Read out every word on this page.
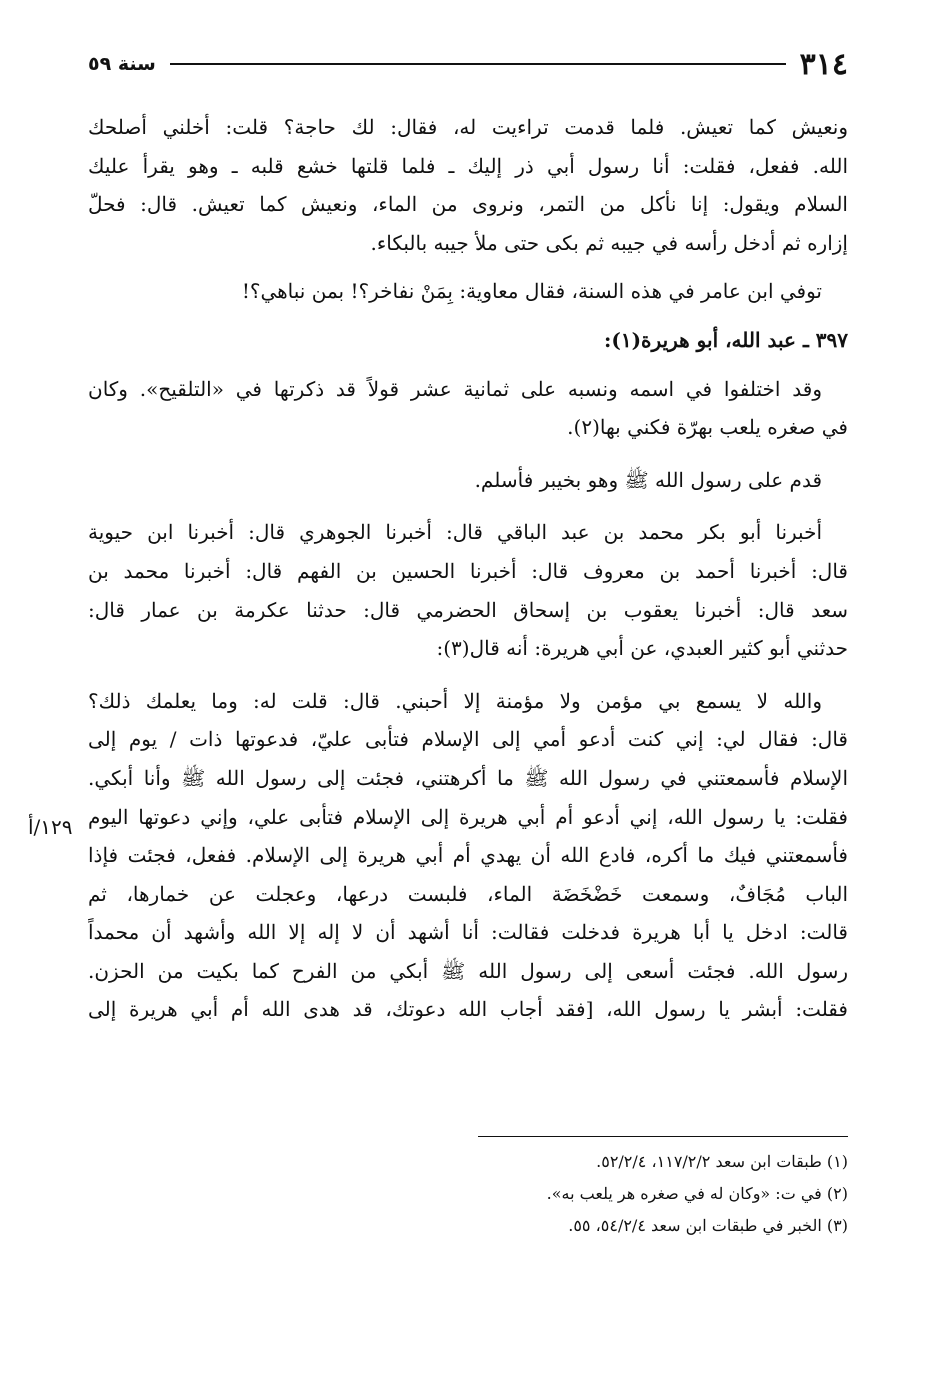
٣١٤
سنة ٥٩

ونعيش كما تعيش. فلما قدمت تراءيت له، فقال: لك حاجة؟ قلت: أخلني أصلحك
الله. ففعل، فقلت: أنا رسول أبي ذر إليك ـ فلما قلتها خشع قلبه ـ وهو يقرأ عليك
السلام ويقول: إنا نأكل من التمر، ونروى من الماء، ونعيش كما تعيش. قال: فحلّ
إزاره ثم أدخل رأسه في جيبه ثم بكى حتى ملأ جيبه بالبكاء.

توفي ابن عامر في هذه السنة، فقال معاوية: بِمَنْ نفاخر؟! بمن نباهي؟!

٣٩٧ ـ عبد الله، أبو هريرة(١):

وقد اختلفوا في اسمه ونسبه على ثمانية عشر قولاً قد ذكرتها في «التلقيح». وكان
في صغره يلعب بهرّة فكني بها(٢).

قدم على رسول الله ﷺ وهو بخيبر فأسلم.

أخبرنا أبو بكر محمد بن عبد الباقي قال: أخبرنا الجوهري قال: أخبرنا ابن حيوية
قال: أخبرنا أحمد بن معروف قال: أخبرنا الحسين بن الفهم قال: أخبرنا محمد بن
سعد قال: أخبرنا يعقوب بن إسحاق الحضرمي قال: حدثنا عكرمة بن عمار قال:
حدثني أبو كثير العبدي، عن أبي هريرة: أنه قال(٣):

والله لا يسمع بي مؤمن ولا مؤمنة إلا أحبني. قال: قلت له: وما يعلمك ذلك؟
قال: فقال لي: إني كنت أدعو أمي إلى الإسلام فتأبى عليّ، فدعوتها ذات / يوم إلى
الإسلام فأسمعتني في رسول الله ﷺ ما أكرهتني، فجئت إلى رسول الله ﷺ وأنا أبكي.
فقلت: يا رسول الله، إني أدعو أم أبي هريرة إلى الإسلام فتأبى علي، وإني دعوتها اليوم
فأسمعتني فيك ما أكره، فادع الله أن يهدي أم أبي هريرة إلى الإسلام. ففعل، فجئت فإذا
الباب مُجَافٌ، وسمعت خَضْخَضَة الماء، فلبست درعها، وعجلت عن خمارها، ثم
قالت: ادخل يا أبا هريرة فدخلت فقالت: أنا أشهد أن لا إله إلا الله وأشهد أن محمداً
رسول الله. فجئت أسعى إلى رسول الله ﷺ أبكي من الفرح كما بكيت من الحزن.
فقلت: أبشر يا رسول الله، [فقد أجاب الله دعوتك، قد هدى الله أم أبي هريرة إلى

١٢٩/أ
(١) طبقات ابن سعد ١١٧/٢/٢، ٥٢/٢/٤.
(٢) في ت: «وكان له في صغره هر يلعب به».
(٣) الخبر في طبقات ابن سعد ٥٤/٢/٤، ٥٥.
